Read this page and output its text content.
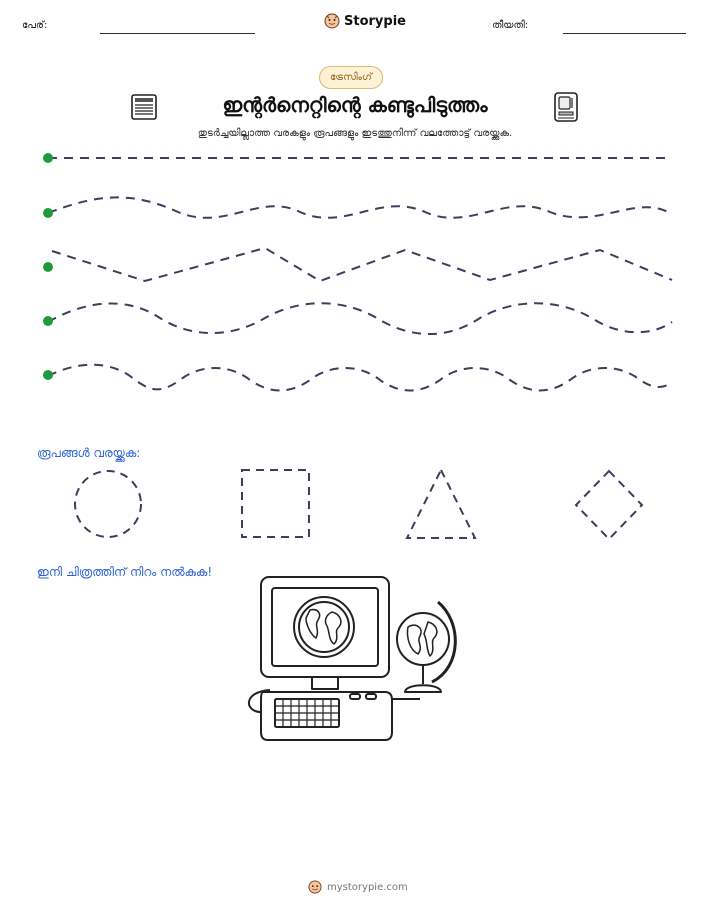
പേര്:	Storypie	തീയതി:
ട്രേസിംഗ്
ഇന്റർനെറ്റിന്റെ കണ്ടുപിടുത്തം
തുടർച്ചയില്ലാത്ത വരകളും രൂപങ്ങളും ഇടത്തുനിന്ന് വലത്തോട്ട് വരയ്ക്കുക.
രൂപങ്ങൾ വരയ്ക്കുക:
ഇനി ചിത്രത്തിന് നിറം നൽകുക!
mystorypie.com
